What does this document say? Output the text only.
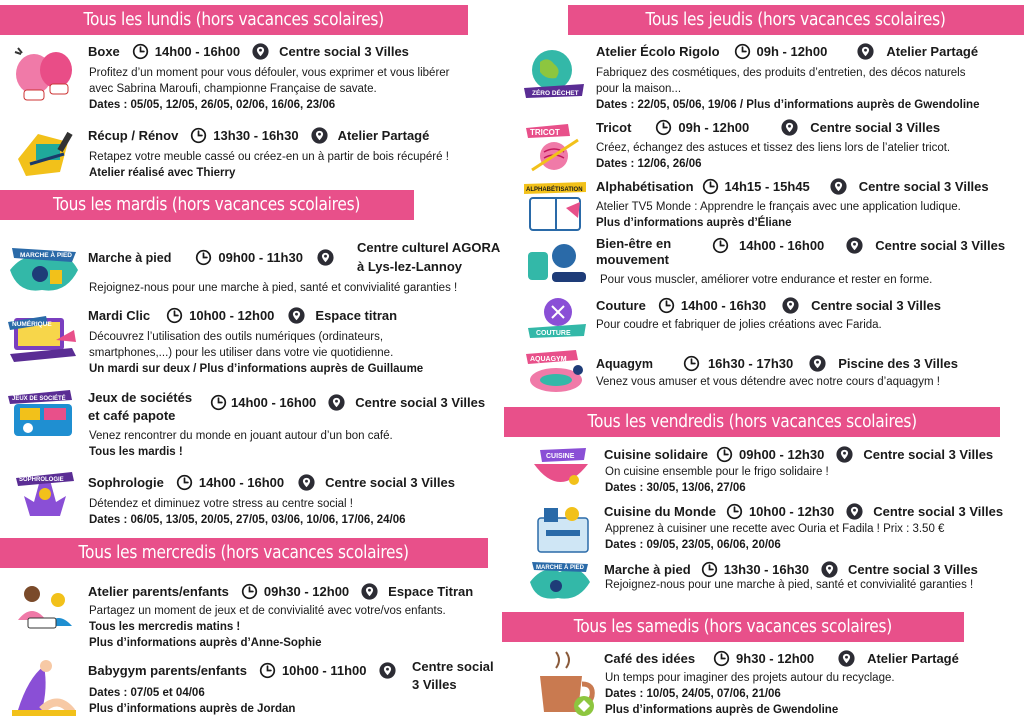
Tous les lundis (hors vacances scolaires)
Boxe	14h00 - 16h00	Centre social 3 Villes
Profitez d’un moment pour vous défouler, vous exprimer et vous libérer
avec Sabrina Maroufi, championne Française de savate.
Dates : 05/05, 12/05, 26/05, 02/06, 16/06, 23/06
Récup / Rénov	13h30 - 16h30	Atelier Partagé
Retapez votre meuble cassé ou créez-en un à partir de bois récupéré !
Atelier réalisé avec Thierry
Tous les mardis (hors vacances scolaires)
MARCHE À PIED Marche à pied	09h00 - 11h30
Centre culturel AGORA
à Lys-lez-Lannoy
Rejoignez-nous pour une marche à pied, santé et convivialité garanties !
NUMÉRIQUE
Mardi Clic	10h00 - 12h00	Espace titran
Découvrez l’utilisation des outils numériques (ordinateurs,
smartphones,...) pour les utiliser dans votre vie quotidienne.
Un mardi sur deux / Plus d’informations auprès de Guillaume
JEUX DE SOCIÉTÉ Jeux de sociétés
et café papote
14h00 - 16h00	Centre social 3 Villes
Venez rencontrer du monde en jouant autour d’un bon café.
Tous les mardis !
SOPHROLOGIE Sophrologie	14h00 - 16h00	Centre social 3 Villes
Détendez et diminuez votre stress au centre social !
Dates : 06/05, 13/05, 20/05, 27/05, 03/06, 10/06, 17/06, 24/06
Tous les mercredis (hors vacances scolaires)
Atelier parents/enfants	09h30 - 12h00	Espace Titran
Partagez un moment de jeux et de convivialité avec votre/vos enfants.
Tous les mercredis matins !
Plus d’informations auprès d’Anne-Sophie
Babygym parents/enfants	10h00 - 11h00	Centre social
3 Villes
Dates : 07/05 et 04/06
Plus d’informations auprès de Jordan
Tous les jeudis (hors vacances scolaires)
ZÉRO DÉCHET
Atelier Écolo Rigolo	09h - 12h00	Atelier Partagé
Fabriquez des cosmétiques, des produits d’entretien, des décos naturels
pour la maison...
Dates : 22/05, 05/06, 19/06 / Plus d’informations auprès de Gwendoline
TRICOT	Tricot	09h - 12h00	Centre social 3 Villes
Créez, échangez des astuces et tissez des liens lors de l’atelier tricot.
Dates : 12/06, 26/06
ALPHABÉTISATION Alphabétisation 14h15 - 15h45	Centre social 3 Villes
Atelier TV5 Monde : Apprendre le français avec une application ludique.
Plus d’informations auprès d’Éliane
Bien-être en
mouvement
14h00 - 16h00	Centre social 3 Villes
Pour vous muscler, améliorer votre endurance et rester en forme.
COUTURE
Couture	14h00 - 16h30	Centre social 3 Villes
Pour coudre et fabriquer de jolies créations avec Farida.
AQUAGYM Aquagym	16h30 - 17h30	Piscine des 3 Villes
Venez vous amuser et vous détendre avec notre cours d’aquagym !
Tous les vendredis (hors vacances scolaires)
CUISINE Cuisine solidaire 09h00 - 12h30	Centre social 3 Villes
On cuisine ensemble pour le frigo solidaire !
Dates : 30/05, 13/06, 27/06
Cuisine du Monde	10h00 - 12h30	Centre social 3 Villes
Apprenez à cuisiner une recette avec Ouria et Fadila ! Prix : 3.50 €
Dates : 09/05, 23/05, 06/06, 20/06
MARCHE À PIED Marche à pied	13h30 - 16h30	Centre social 3 Villes
Rejoignez-nous pour une marche à pied, santé et convivialité garanties !
Tous les samedis (hors vacances scolaires)
Café des idées	9h30 - 12h00	Atelier Partagé
Un temps pour imaginer des projets autour du recyclage.
Dates : 10/05, 24/05, 07/06, 21/06
Plus d’informations auprès de Gwendoline
